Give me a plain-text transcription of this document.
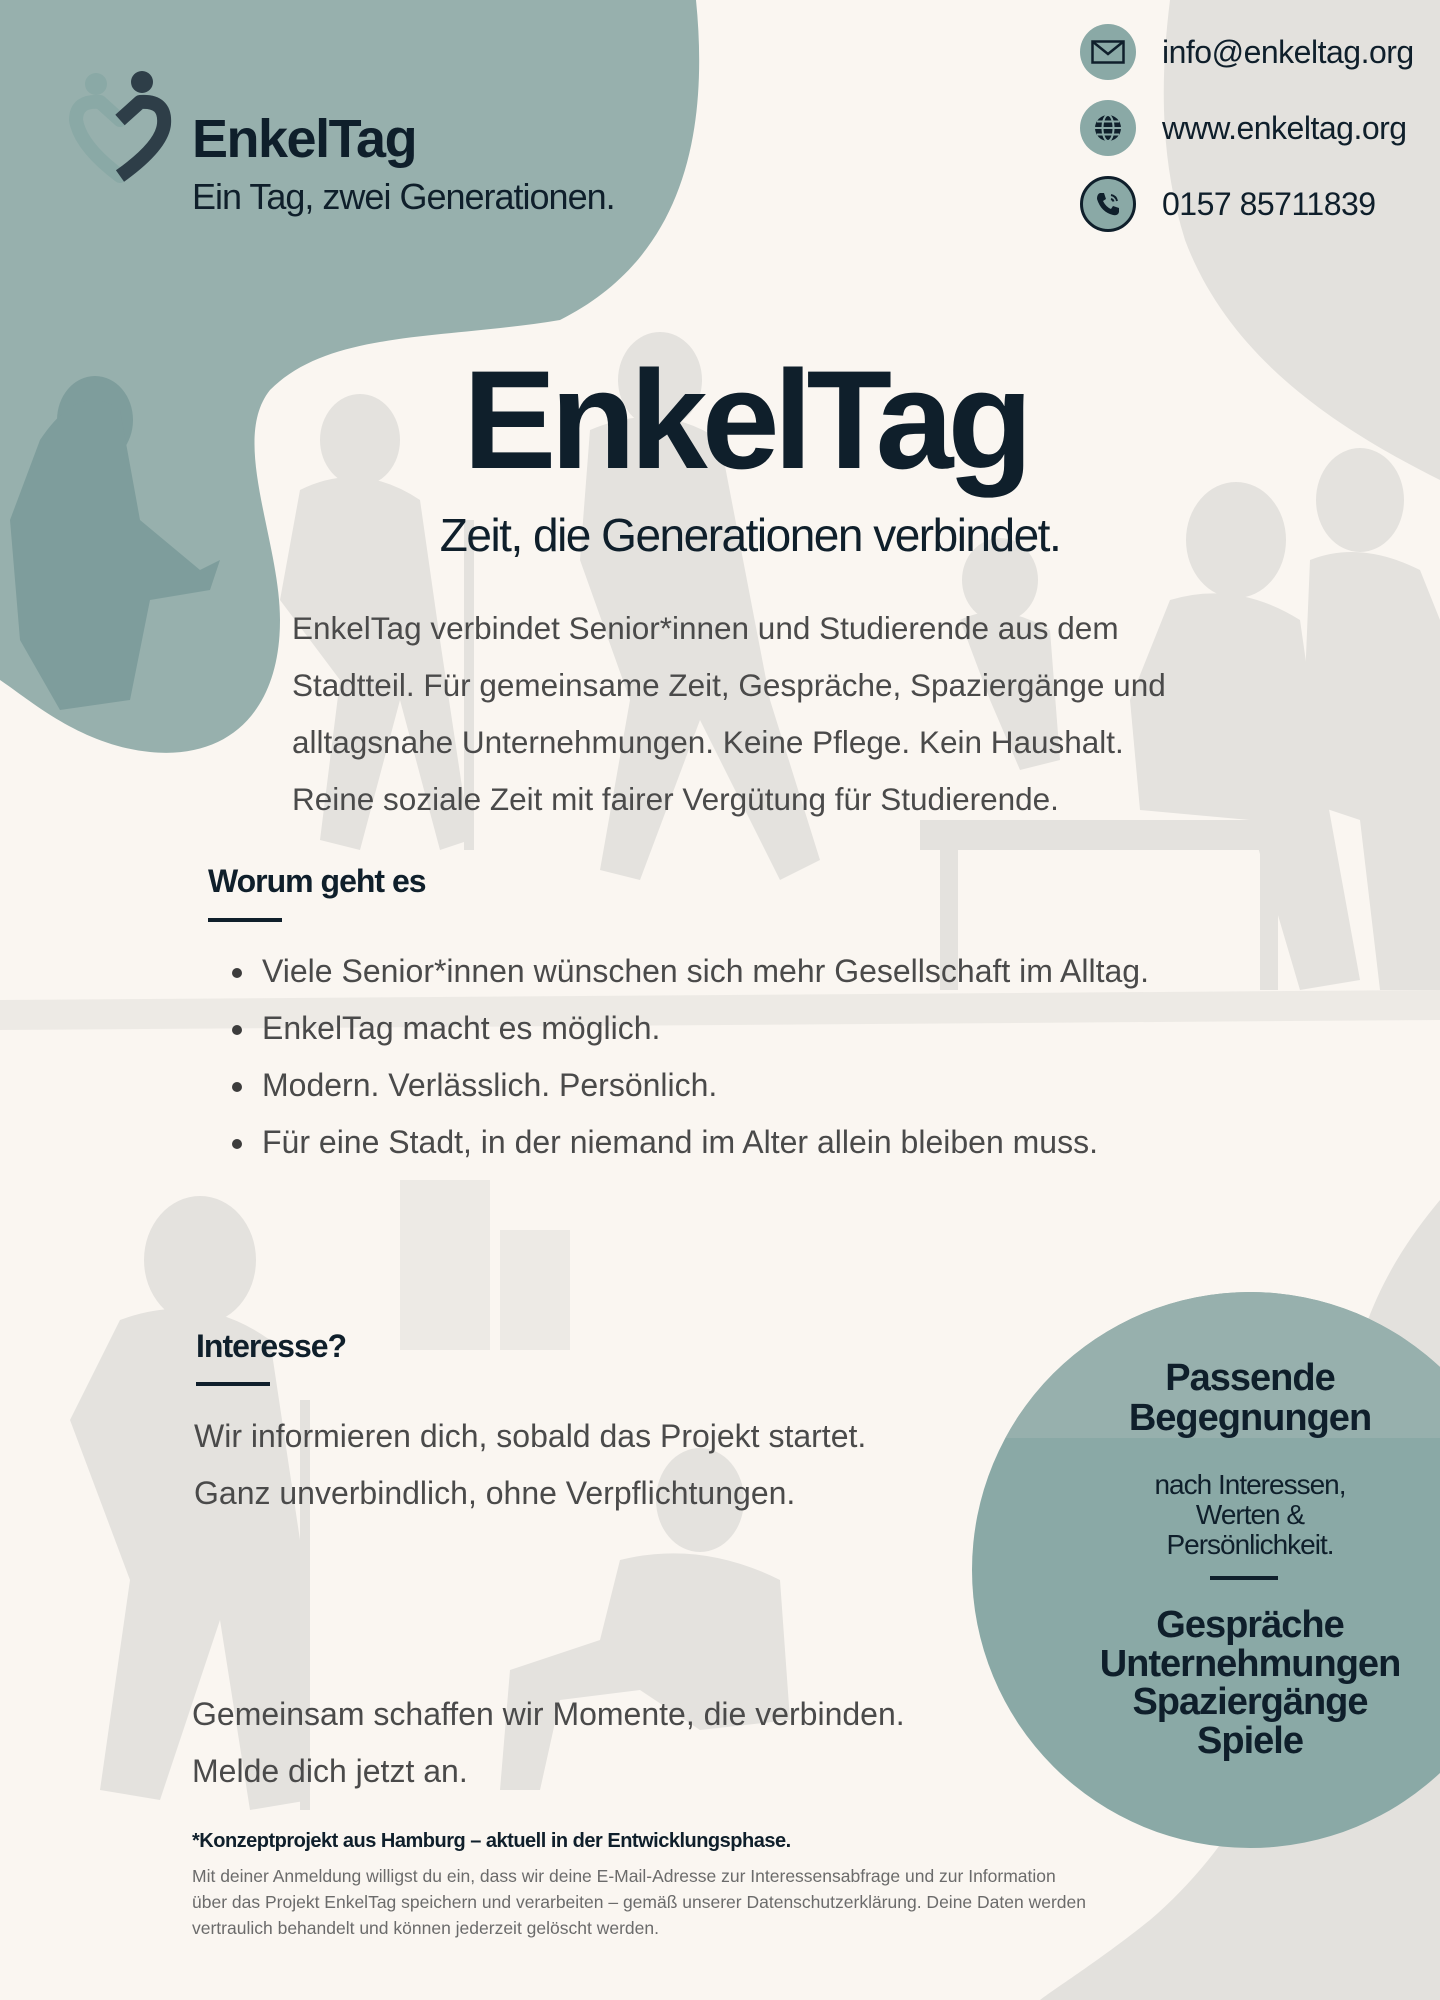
EnkelTag
Ein Tag, zwei Generationen.
info@enkeltag.org
www.enkeltag.org
0157 85711839
EnkelTag
Zeit, die Generationen verbindet.
EnkelTag verbindet Senior*innen und Studierende aus dem
Stadtteil. Für gemeinsame Zeit, Gespräche, Spaziergänge und
alltagsnahe Unternehmungen. Keine Pflege. Kein Haushalt.
Reine soziale Zeit mit fairer Vergütung für Studierende.
Worum geht es
Viele Senior*innen wünschen sich mehr Gesellschaft im Alltag.
EnkelTag macht es möglich.
Modern. Verlässlich. Persönlich.
Für eine Stadt, in der niemand im Alter allein bleiben muss.
Interesse?
Wir informieren dich, sobald das Projekt startet.
Ganz unverbindlich, ohne Verpflichtungen.
Gemeinsam schaffen wir Momente, die verbinden.
Melde dich jetzt an.
Passende
Begegnungen
nach Interessen,
Werten &
Persönlichkeit.
Gespräche
Unternehmungen
Spaziergänge
Spiele
*Konzeptprojekt aus Hamburg – aktuell in der Entwicklungsphase.
Mit deiner Anmeldung willigst du ein, dass wir deine E-Mail-Adresse zur Interessensabfrage und zur Information
über das Projekt EnkelTag speichern und verarbeiten – gemäß unserer Datenschutzerklärung. Deine Daten werden
vertraulich behandelt und können jederzeit gelöscht werden.
